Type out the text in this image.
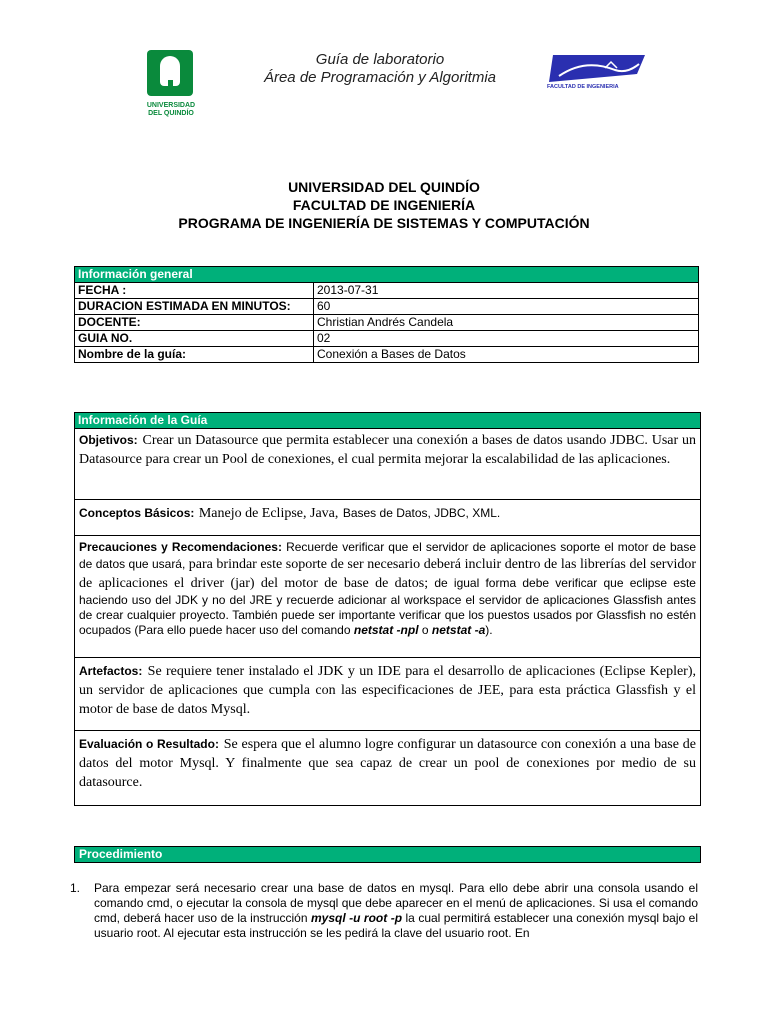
UNIVERSIDAD
DEL QUINDÍO
Guía de laboratorio
Área de Programación y Algoritmia
FACULTAD DE INGENIERIA
UNIVERSIDAD DEL QUINDÍO
FACULTAD DE INGENIERÍA
PROGRAMA DE INGENIERÍA DE SISTEMAS Y COMPUTACIÓN
Información general	
FECHA :	2013-07-31
DURACION ESTIMADA EN MINUTOS:	60
DOCENTE:	Christian Andrés Candela
GUIA NO.	02
Nombre de la guía:	Conexión a Bases de Datos
Información de la Guía
Objetivos: Crear un Datasource que permita establecer una conexión a bases de datos usando JDBC. Usar un Datasource para crear un Pool de conexiones, el cual permita mejorar la escalabilidad de las aplicaciones.
Conceptos Básicos: Manejo de Eclipse, Java, Bases de Datos, JDBC, XML.
Precauciones y Recomendaciones: Recuerde verificar que el servidor de aplicaciones soporte el motor de base de datos que usará, para brindar este soporte de ser necesario deberá incluir dentro de las librerías del servidor de aplicaciones el driver (jar) del motor de base de datos; de igual forma debe verificar que eclipse este haciendo uso del JDK y no del JRE y recuerde adicionar al workspace el servidor de aplicaciones Glassfish antes de crear cualquier proyecto. También puede ser importante verificar que los puestos usados por Glassfish no estén ocupados (Para ello puede hacer uso del comando netstat -npl o netstat -a).
Artefactos: Se requiere tener instalado el JDK y un IDE para el desarrollo de aplicaciones (Eclipse Kepler), un servidor de aplicaciones que cumpla con las especificaciones de JEE, para esta práctica Glassfish y el motor de base de datos Mysql.
Evaluación o Resultado: Se espera que el alumno logre configurar un datasource con conexión a una base de datos del motor Mysql. Y finalmente que sea capaz de crear un pool de conexiones por medio de su datasource.
Procedimiento
1. Para empezar será necesario crear una base de datos en mysql. Para ello debe abrir una consola usando el comando cmd, o ejecutar la consola de mysql que debe aparecer en el menú de aplicaciones. Si usa el comando cmd, deberá hacer uso de la instrucción mysql -u root -p la cual permitirá establecer una conexión mysql bajo el usuario root. Al ejecutar esta instrucción se les pedirá la clave del usuario root. En
